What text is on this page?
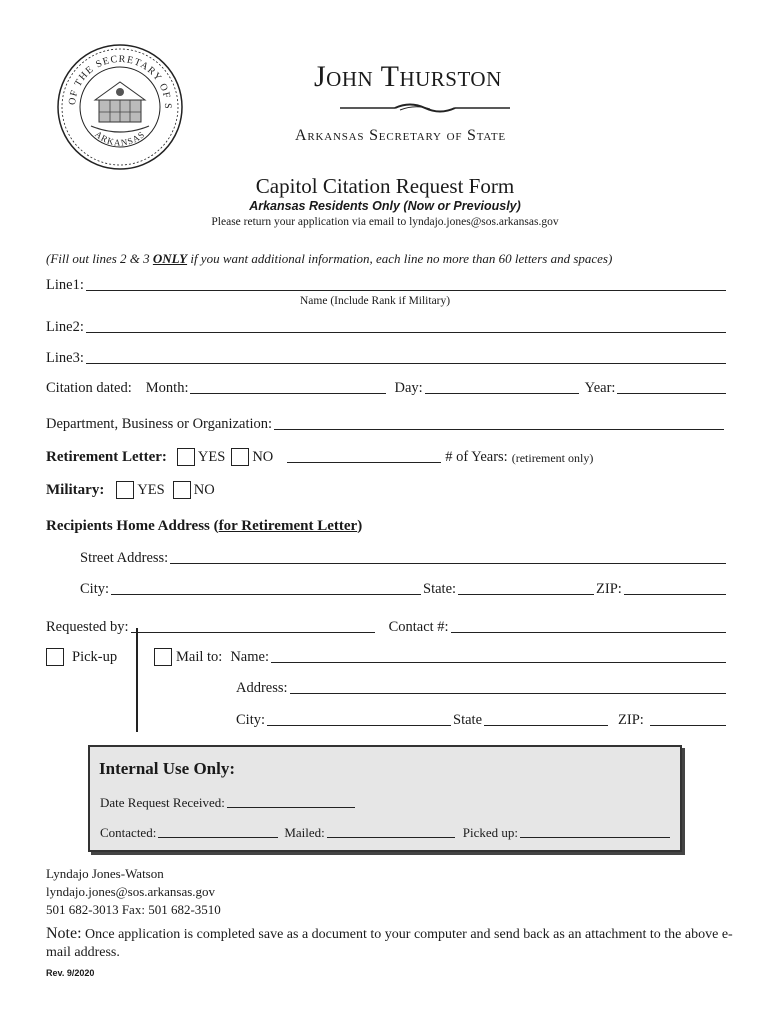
OF THE SECRETARY OF S
ARKANSAS
John Thurston
Arkansas Secretary of State
Capitol Citation Request Form
Arkansas Residents Only (Now or Previously)
Please return your application via email to lyndajo.jones@sos.arkansas.gov
(Fill out lines 2 & 3 ONLY if you want additional information, each line no more than 60 letters and spaces)
Line1:
Name (Include Rank if Military)
Line2:
Line3:
Citation dated: Month:	Day:	Year:
Department, Business or Organization:
Retirement Letter: YES NO	# of Years: (retirement only)
Military: YES NO
Recipients Home Address (for Retirement Letter)
Street Address:
City:	State:	ZIP:
Requested by:	Contact #:
Pick-up	Mail to: Name:
Address:
City:	State	ZIP:
Internal Use Only:
Date Request Received:
Contacted:	Mailed:	Picked up:
Lyndajo Jones-Watson
lyndajo.jones@sos.arkansas.gov
501 682-3013 Fax: 501 682-3510
Note: Once application is completed save as a document to your computer and send back as an attachment to the above e-mail address.
Rev. 9/2020
